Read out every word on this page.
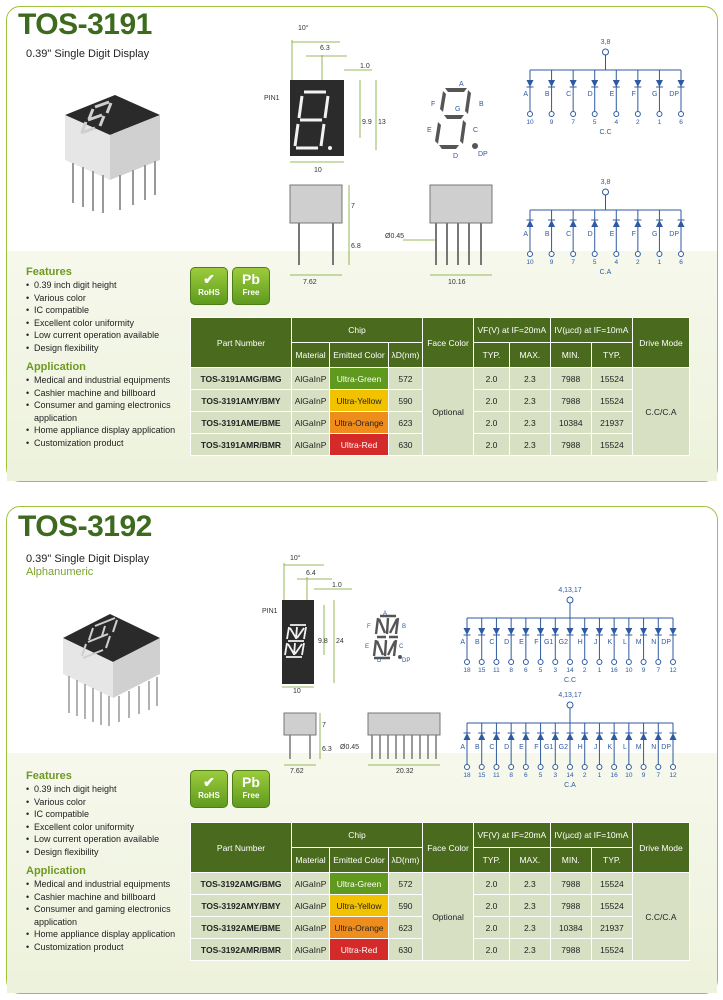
TOS-3191
0.39" Single Digit Display
10°
6.3
1.0
PIN1
9.9 13
10
A
B
C
D
E
F
G
DP
7
6.8
7.62
Ø0.45
10.16
3,8
A
10
B
9
C
7
D
5
E
4
F
2
G
1
DP
6
C.C
3,8
A
10
B
9
C
7
D
5
E
4
F
2
G
1
DP
6
C.A
Features
• 0.39 inch digit height
• Various color
• IC compatible
• Excellent color uniformity
• Low current operation available
• Design flexibility
Application
• Medical and industrial equipments
• Cashier machine and billboard
• Consumer and gaming electronics application
• Home appliance display application
• Customization product
✔
RoHS
Pb
Free
Part Number	Chip			Face Color	VF(V) at IF=20mA		IV(µcd) at IF=10mA		Drive Mode
	Material	Emitted Color	λD(nm)		TYP.	MAX.	MIN.	TYP.	
TOS-3191AMG/BMG	AlGaInP	Ultra-Green	572	Optional	2.0	2.3	7988	15524	C.C/C.A
TOS-3191AMY/BMY	AlGaInP	Ultra-Yellow	590		2.0	2.3	7988	15524	
TOS-3191AME/BME	AlGaInP	Ultra-Orange	623		2.0	2.3	10384	21937	
TOS-3191AMR/BMR	AlGaInP	Ultra-Red	630		2.0	2.3	7988	15524	
TOS-3192
0.39" Single Digit Display
Alphanumeric
10°
6.4
1.0
PIN1
9.8 24
10
A
B
C
D
E
F
DP
7
6.3
7.62
Ø0.45
20.32
4,13,17
A
18
B
15
C
11
D
8
E
6
F
5
G1
3
G2
14
H
2
J
1
K
16
L
10
M
9
N
7
DP
12
C.C
4,13,17
A
18
B
15
C
11
D
8
E
6
F
5
G1
3
G2
14
H
2
J
1
K
16
L
10
M
9
N
7
DP
12
C.A
Features
• 0.39 inch digit height
• Various color
• IC compatible
• Excellent color uniformity
• Low current operation available
• Design flexibility
Application
• Medical and industrial equipments
• Cashier machine and billboard
• Consumer and gaming electronics application
• Home appliance display application
• Customization product
✔
RoHS
Pb
Free
Part Number	Chip			Face Color	VF(V) at IF=20mA		IV(µcd) at IF=10mA		Drive Mode
	Material	Emitted Color	λD(nm)		TYP.	MAX.	MIN.	TYP.	
TOS-3192AMG/BMG	AlGaInP	Ultra-Green	572	Optional	2.0	2.3	7988	15524	C.C/C.A
TOS-3192AMY/BMY	AlGaInP	Ultra-Yellow	590		2.0	2.3	7988	15524	
TOS-3192AME/BME	AlGaInP	Ultra-Orange	623		2.0	2.3	10384	21937	
TOS-3192AMR/BMR	AlGaInP	Ultra-Red	630		2.0	2.3	7988	15524	
